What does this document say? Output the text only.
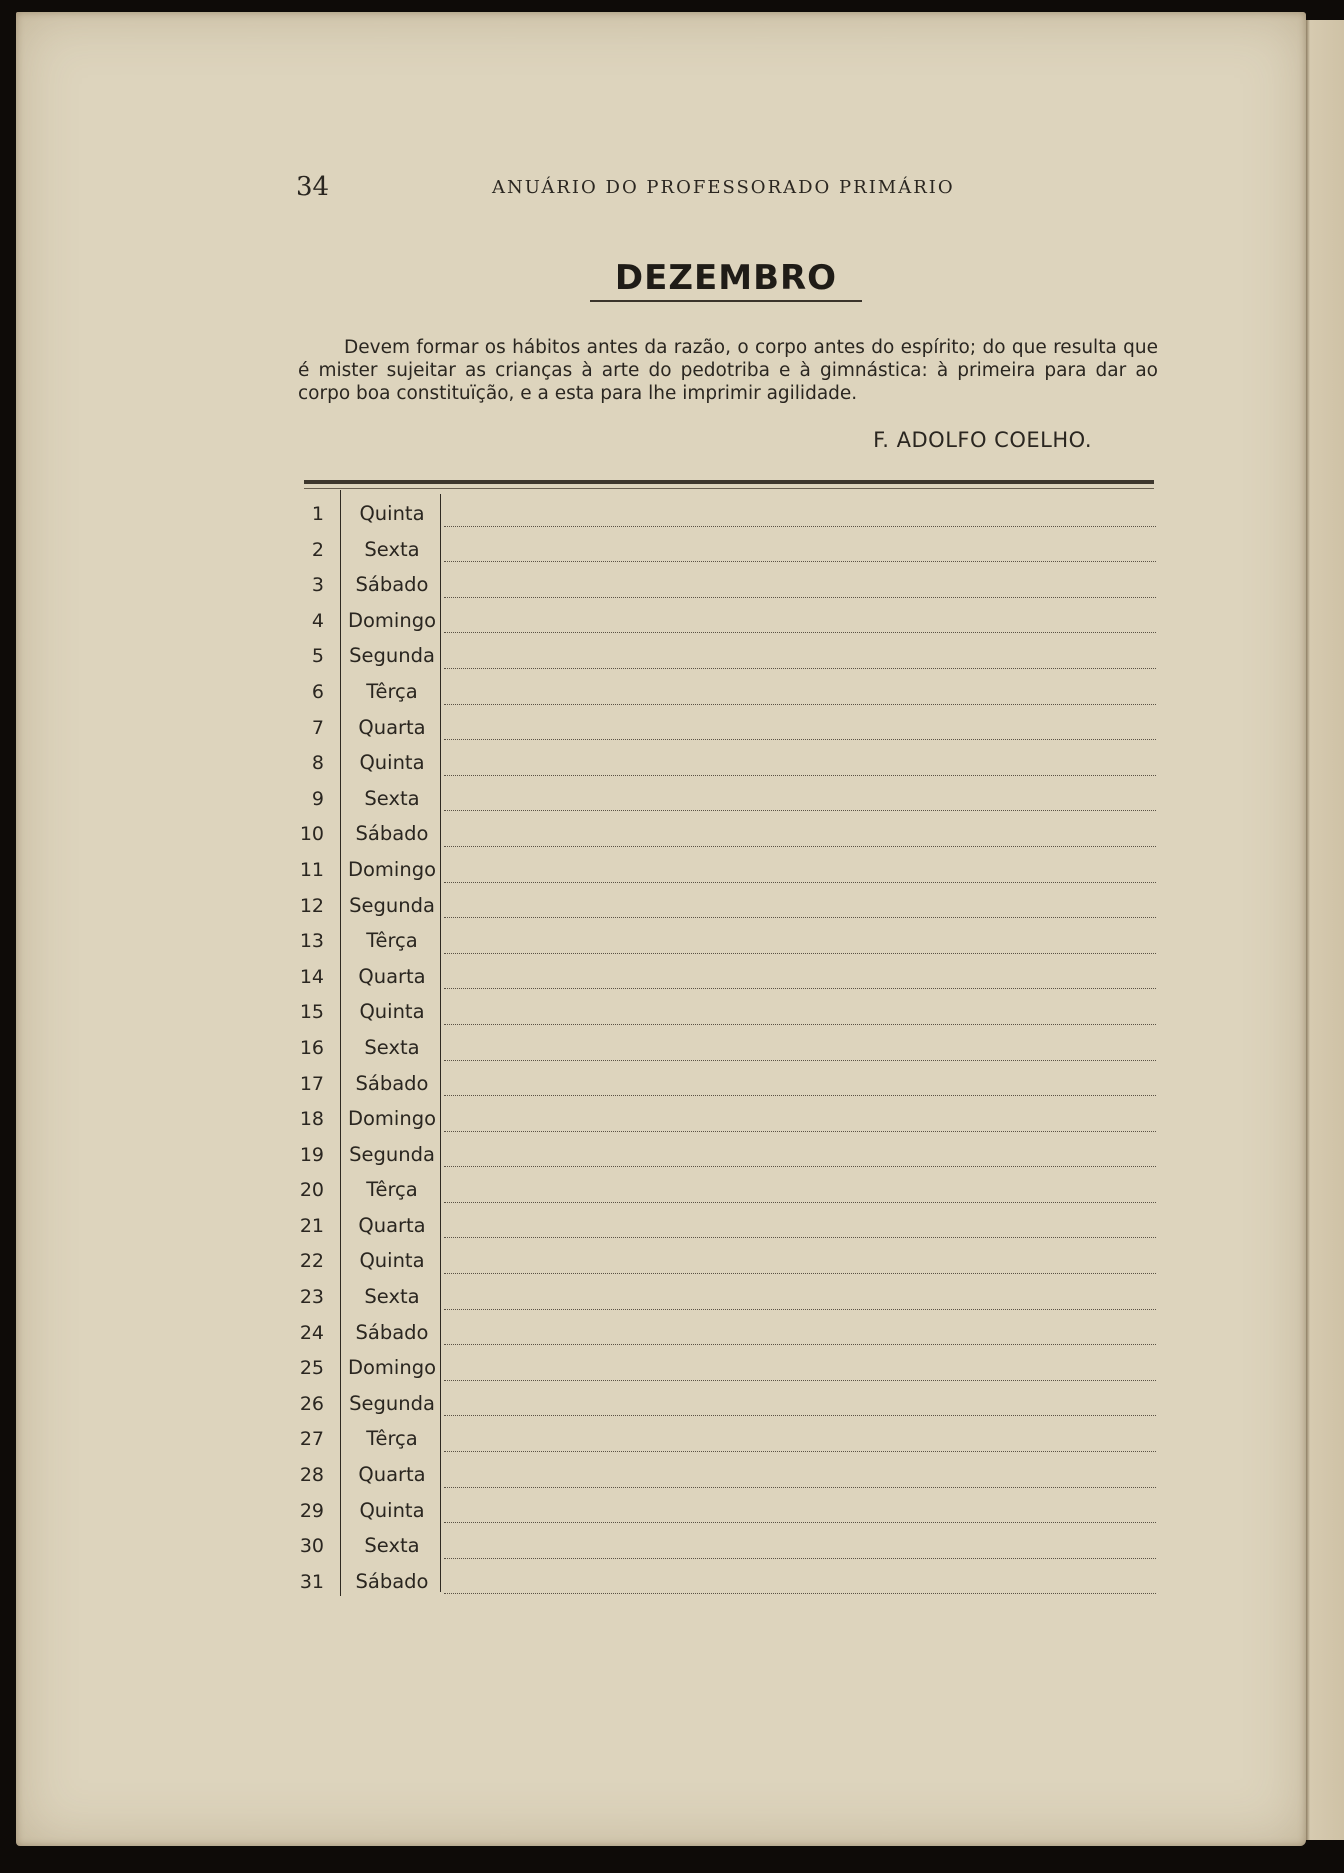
34	ANUÁRIO DO PROFESSORADO PRIMÁRIO
DEZEMBRO

Devem formar os hábitos antes da razão, o corpo antes do espírito; do que resulta que é mister sujeitar as crianças à arte do pedotriba e à gimnástica: à primeira para dar ao corpo boa constituïção, e a esta para lhe imprimir agilidade.

F. ADOLFO COELHO.
1	Quinta
2	Sexta
3	Sábado
4	Domingo
5	Segunda
6	Têrça
7	Quarta
8	Quinta
9	Sexta
10	Sábado
11	Domingo
12	Segunda
13	Têrça
14	Quarta
15	Quinta
16	Sexta
17	Sábado
18	Domingo
19	Segunda
20	Têrça
21	Quarta
22	Quinta
23	Sexta
24	Sábado
25	Domingo
26	Segunda
27	Têrça
28	Quarta
29	Quinta
30	Sexta
31	Sábado
